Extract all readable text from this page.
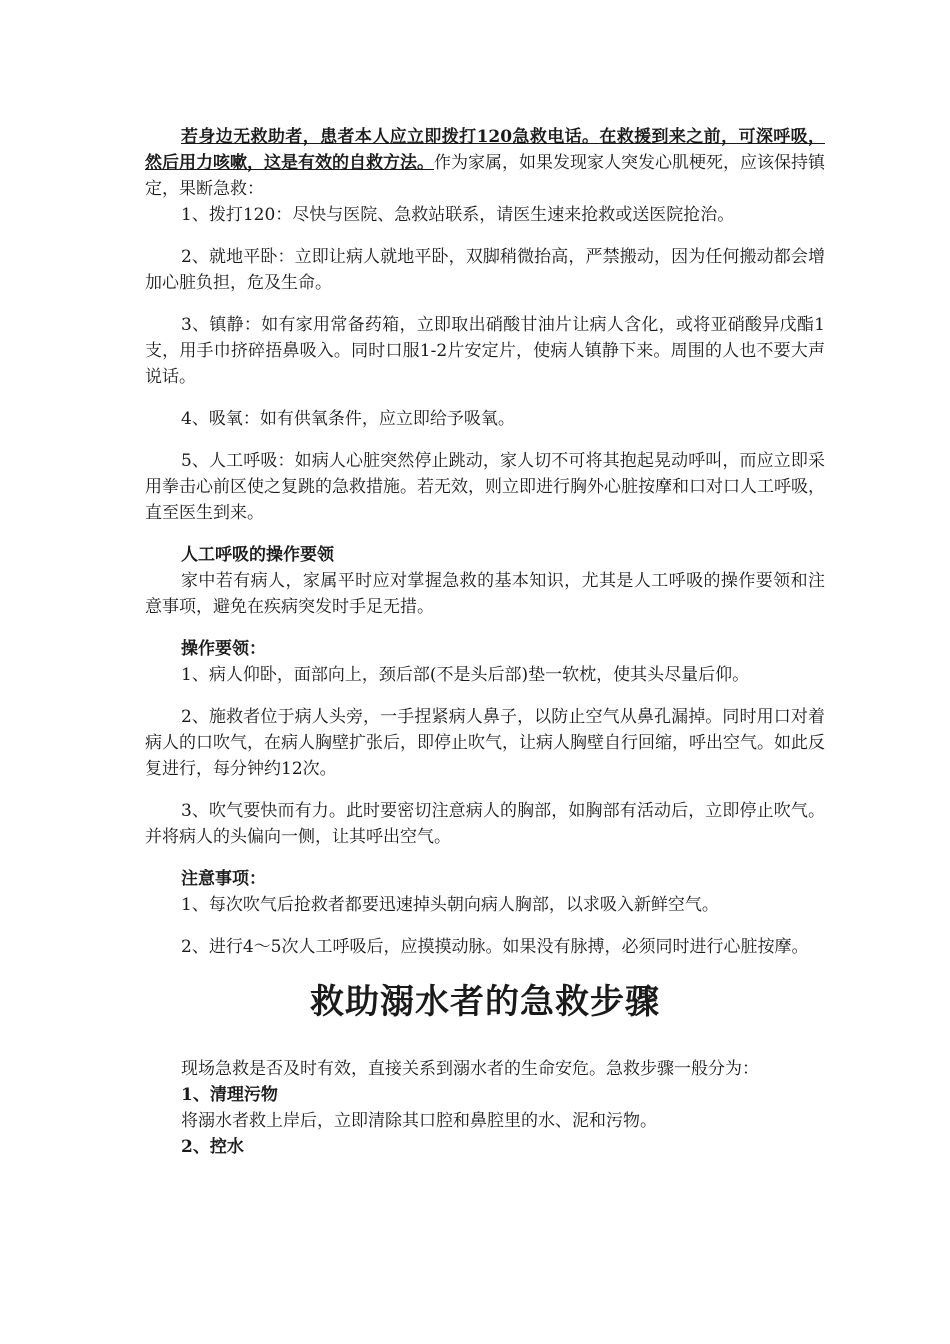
若身边无救助者，患者本人应立即拨打120急救电话。在救援到来之前，可深呼吸，然后用力咳嗽，这是有效的自救方法。作为家属，如果发现家人突发心肌梗死，应该保持镇定，果断急救：

1、拨打120：尽快与医院、急救站联系，请医生速来抢救或送医院抢治。

2、就地平卧：立即让病人就地平卧，双脚稍微抬高，严禁搬动，因为任何搬动都会增加心脏负担，危及生命。

3、镇静：如有家用常备药箱，立即取出硝酸甘油片让病人含化，或将亚硝酸异戊酯1支，用手巾挤碎捂鼻吸入。同时口服1-2片安定片，使病人镇静下来。周围的人也不要大声说话。

4、吸氧：如有供氧条件，应立即给予吸氧。

5、人工呼吸：如病人心脏突然停止跳动，家人切不可将其抱起晃动呼叫，而应立即采用拳击心前区使之复跳的急救措施。若无效，则立即进行胸外心脏按摩和口对口人工呼吸，直至医生到来。

人工呼吸的操作要领

家中若有病人，家属平时应对掌握急救的基本知识，尤其是人工呼吸的操作要领和注意事项，避免在疾病突发时手足无措。

操作要领：

1、病人仰卧，面部向上，颈后部(不是头后部)垫一软枕，使其头尽量后仰。

2、施救者位于病人头旁，一手捏紧病人鼻子，以防止空气从鼻孔漏掉。同时用口对着病人的口吹气，在病人胸壁扩张后，即停止吹气，让病人胸壁自行回缩，呼出空气。如此反复进行，每分钟约12次。

3、吹气要快而有力。此时要密切注意病人的胸部，如胸部有活动后，立即停止吹气。并将病人的头偏向一侧，让其呼出空气。

注意事项：

1、每次吹气后抢救者都要迅速掉头朝向病人胸部，以求吸入新鲜空气。

2、进行4～5次人工呼吸后，应摸摸动脉。如果没有脉搏，必须同时进行心脏按摩。

救助溺水者的急救步骤

现场急救是否及时有效，直接关系到溺水者的生命安危。急救步骤一般分为：

1、清理污物

将溺水者救上岸后，立即清除其口腔和鼻腔里的水、泥和污物。

2、控水
